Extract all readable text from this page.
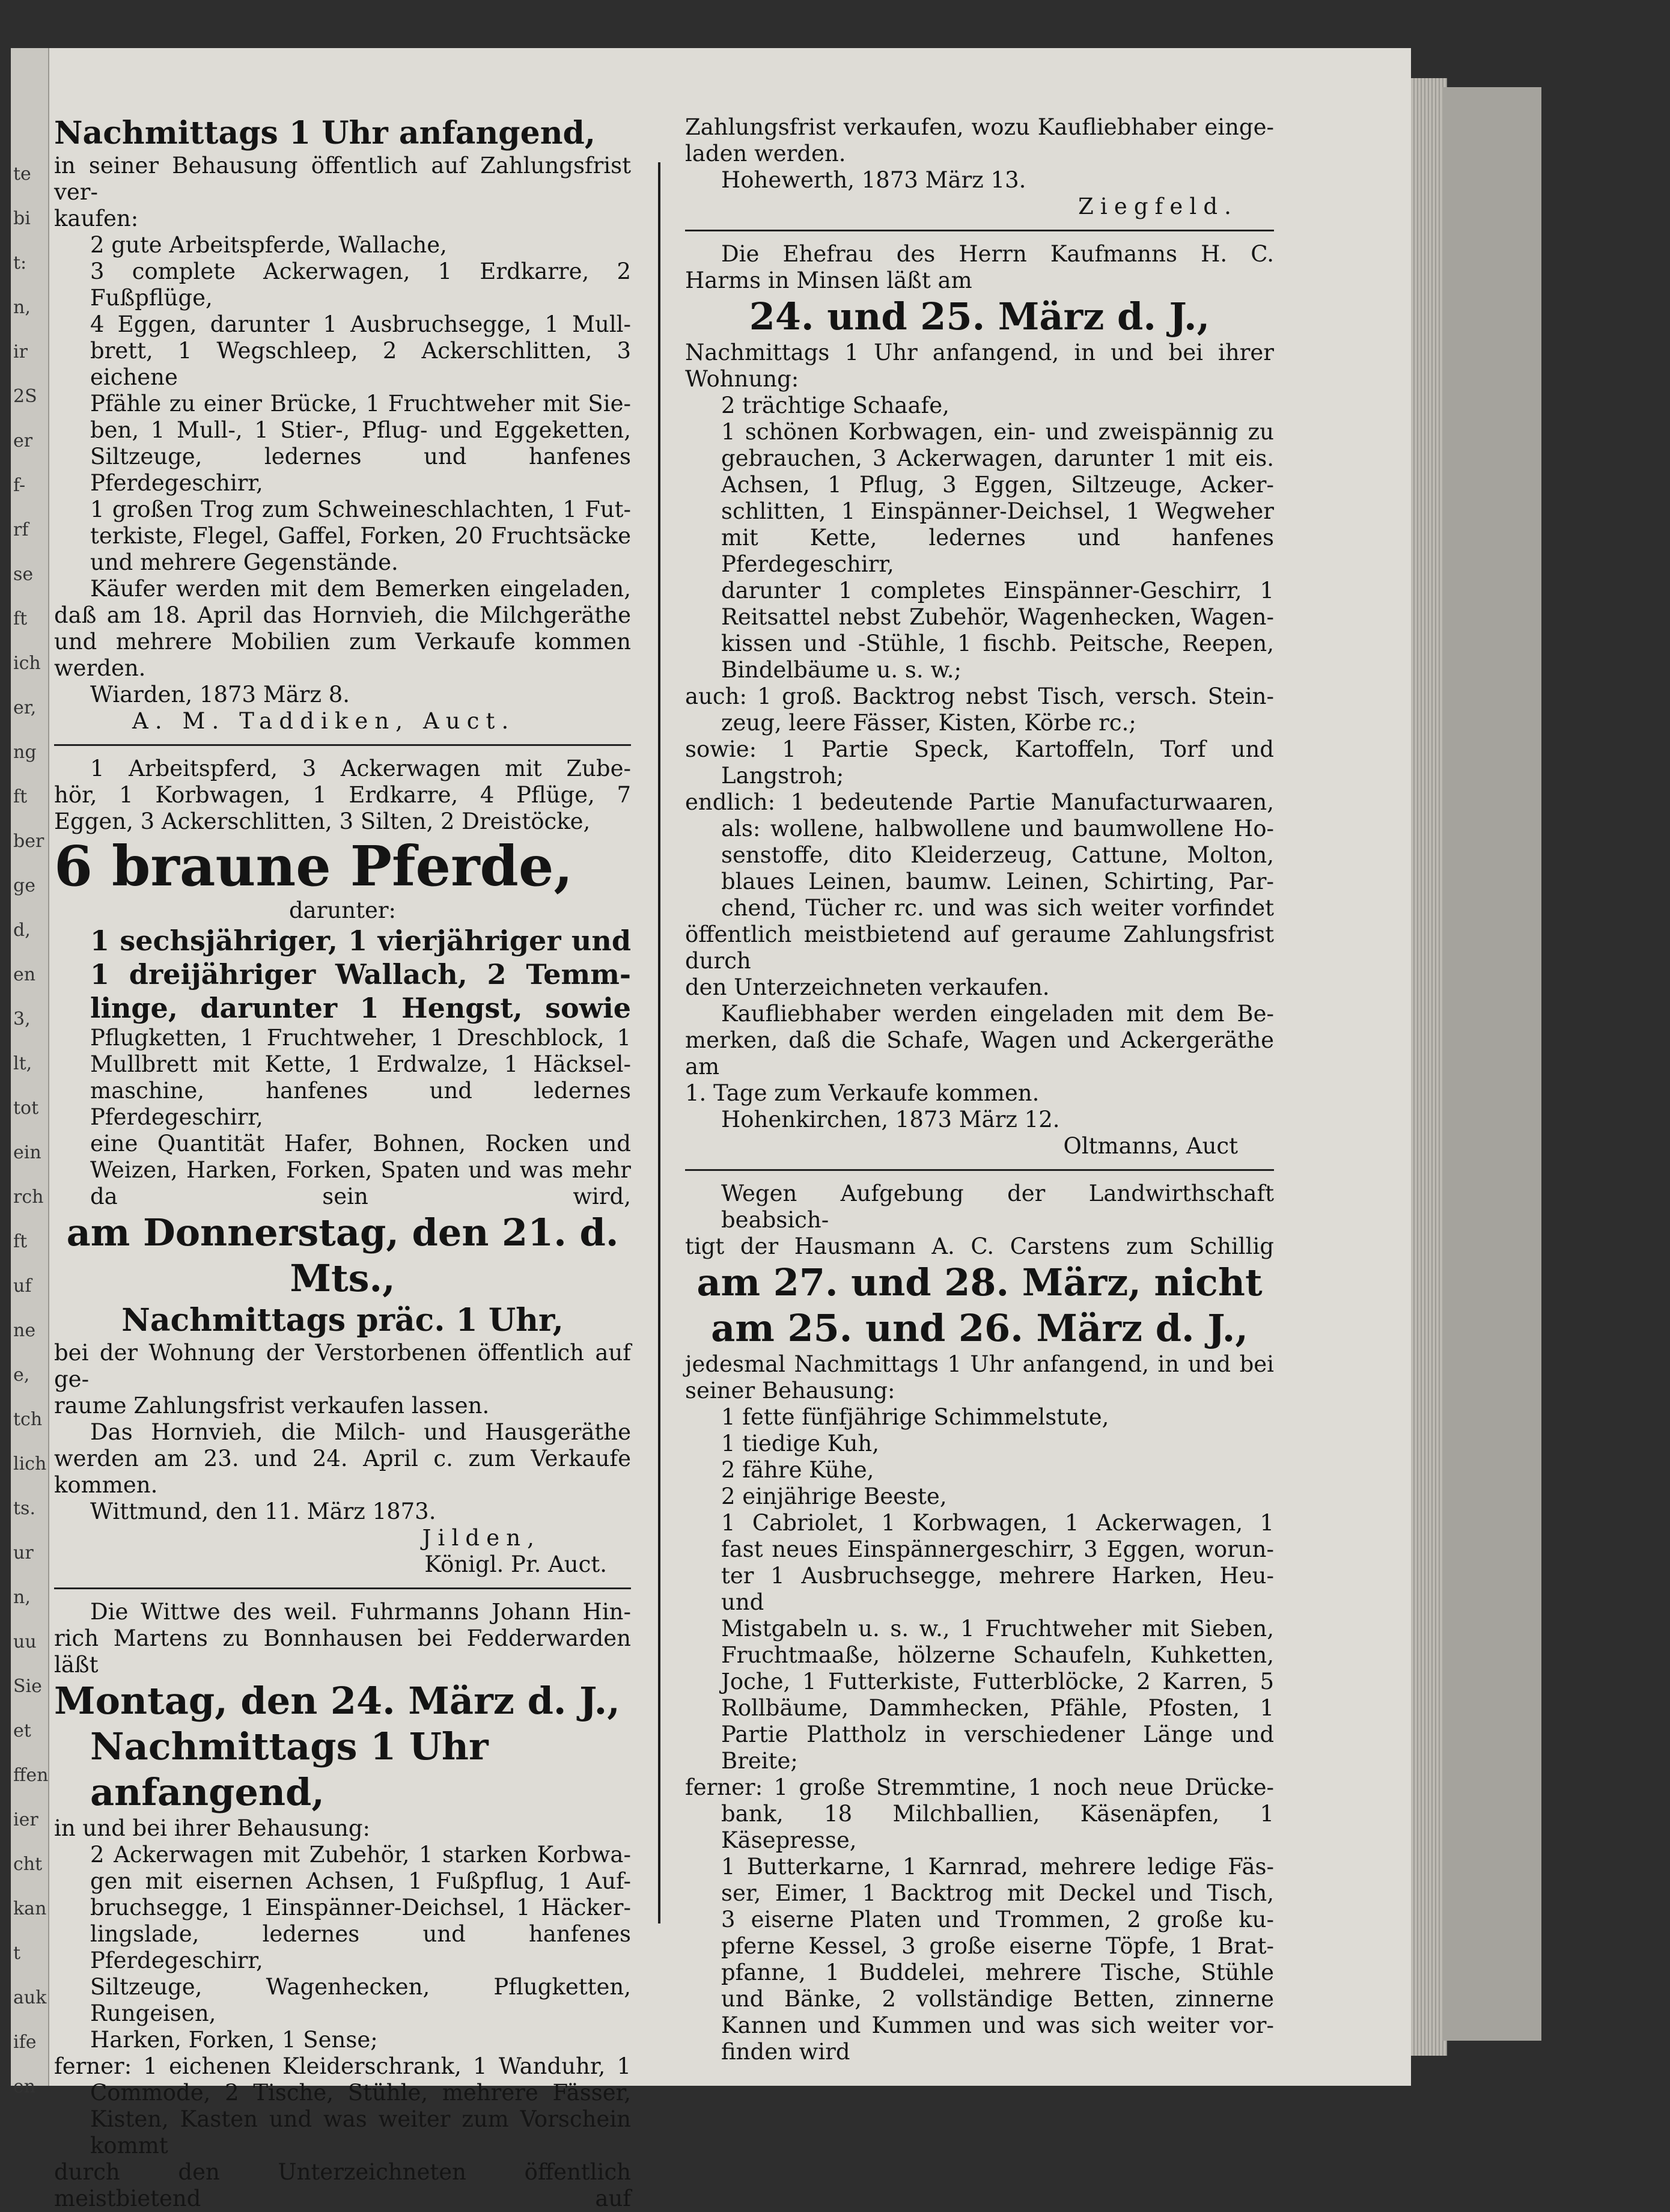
te
bi
t:
n,
ir
2S
er
f-
rf
se
ft
ich
er,
ng
ft
ber
ge
d,
en
3,
lt,
tot
ein
rch
ft
uf
ne
e,
tch
lich
ts.
ur
n,
uu
Sie
et
ffen
ier
cht
kan
t
auk
ife
en

Nachmittags 1 Uhr anfangend,

in seiner Behausung öffentlich auf Zahlungsfrist ver-

kaufen:

2 gute Arbeitspferde, Wallache,

3 complete Ackerwagen, 1 Erdkarre, 2 Fußpflüge,

4 Eggen, darunter 1 Ausbruchsegge, 1 Mull-

brett, 1 Wegschleep, 2 Ackerschlitten, 3 eichene

Pfähle zu einer Brücke, 1 Fruchtweher mit Sie-

ben, 1 Mull-, 1 Stier-, Pflug- und Eggeketten,

Siltzeuge, ledernes und hanfenes Pferdegeschirr,

1 großen Trog zum Schweineschlachten, 1 Fut-

terkiste, Flegel, Gaffel, Forken, 20 Fruchtsäcke

und mehrere Gegenstände.

Käufer werden mit dem Bemerken eingeladen,

daß am 18. April das Hornvieh, die Milchgeräthe

und mehrere Mobilien zum Verkaufe kommen werden.

Wiarden, 1873 März 8.

A. M. Taddiken, Auct.

1 Arbeitspferd, 3 Ackerwagen mit Zube-

hör, 1 Korbwagen, 1 Erdkarre, 4 Pflüge, 7

Eggen, 3 Ackerschlitten, 3 Silten, 2 Dreistöcke,

6 braune Pferde,

darunter:

1 sechsjähriger, 1 vierjähriger und

1 dreijähriger Wallach, 2 Temm-

linge, darunter 1 Hengst, sowie

Pflugketten, 1 Fruchtweher, 1 Dreschblock, 1

Mullbrett mit Kette, 1 Erdwalze, 1 Häcksel-

maschine, hanfenes und ledernes Pferdegeschirr,

eine Quantität Hafer, Bohnen, Rocken und

Weizen, Harken, Forken, Spaten und was mehr

da sein wird,

am Donnerstag, den 21. d. Mts.,

Nachmittags präc. 1 Uhr,

bei der Wohnung der Verstorbenen öffentlich auf ge-

raume Zahlungsfrist verkaufen lassen.

Das Hornvieh, die Milch- und Hausgeräthe

werden am 23. und 24. April c. zum Verkaufe

kommen.

Wittmund, den 11. März 1873.

Jilden,

Königl. Pr. Auct.

Die Wittwe des weil. Fuhrmanns Johann Hin-

rich Martens zu Bonnhausen bei Fedderwarden läßt

Montag, den 24. März d. J.,

Nachmittags 1 Uhr anfangend,

in und bei ihrer Behausung:

2 Ackerwagen mit Zubehör, 1 starken Korbwa-

gen mit eisernen Achsen, 1 Fußpflug, 1 Auf-

bruchsegge, 1 Einspänner-Deichsel, 1 Häcker-

lingslade, ledernes und hanfenes Pferdegeschirr,

Siltzeuge, Wagenhecken, Pflugketten, Rungeisen,

Harken, Forken, 1 Sense;

ferner: 1 eichenen Kleiderschrank, 1 Wanduhr, 1

Commode, 2 Tische, Stühle, mehrere Fässer,

Kisten, Kasten und was weiter zum Vorschein

kommt

durch den Unterzeichneten öffentlich meistbietend auf

Zahlungsfrist verkaufen, wozu Kaufliebhaber einge-

laden werden.

Hohewerth, 1873 März 13.

Ziegfeld.

Die Ehefrau des Herrn Kaufmanns H. C.

Harms in Minsen läßt am

24. und 25. März d. J.,

Nachmittags 1 Uhr anfangend, in und bei ihrer

Wohnung:

2 trächtige Schaafe,

1 schönen Korbwagen, ein- und zweispännig zu

gebrauchen, 3 Ackerwagen, darunter 1 mit eis.

Achsen, 1 Pflug, 3 Eggen, Siltzeuge, Acker-

schlitten, 1 Einspänner-Deichsel, 1 Wegweher

mit Kette, ledernes und hanfenes Pferdegeschirr,

darunter 1 completes Einspänner-Geschirr, 1

Reitsattel nebst Zubehör, Wagenhecken, Wagen-

kissen und -Stühle, 1 fischb. Peitsche, Reepen,

Bindelbäume u. s. w.;

auch: 1 groß. Backtrog nebst Tisch, versch. Stein-

zeug, leere Fässer, Kisten, Körbe rc.;

sowie: 1 Partie Speck, Kartoffeln, Torf und

Langstroh;

endlich: 1 bedeutende Partie Manufacturwaaren,

als: wollene, halbwollene und baumwollene Ho-

senstoffe, dito Kleiderzeug, Cattune, Molton,

blaues Leinen, baumw. Leinen, Schirting, Par-

chend, Tücher rc. und was sich weiter vorfindet

öffentlich meistbietend auf geraume Zahlungsfrist durch

den Unterzeichneten verkaufen.

Kaufliebhaber werden eingeladen mit dem Be-

merken, daß die Schafe, Wagen und Ackergeräthe am

1. Tage zum Verkaufe kommen.

Hohenkirchen, 1873 März 12.

Oltmanns, Auct

Wegen Aufgebung der Landwirthschaft beabsich-

tigt der Hausmann A. C. Carstens zum Schillig

am 27. und 28. März, nicht

am 25. und 26. März d. J.,

jedesmal Nachmittags 1 Uhr anfangend, in und bei

seiner Behausung:

1 fette fünfjährige Schimmelstute,

1 tiedige Kuh,

2 fähre Kühe,

2 einjährige Beeste,

1 Cabriolet, 1 Korbwagen, 1 Ackerwagen, 1

fast neues Einspännergeschirr, 3 Eggen, worun-

ter 1 Ausbruchsegge, mehrere Harken, Heu- und

Mistgabeln u. s. w., 1 Fruchtweher mit Sieben,

Fruchtmaaße, hölzerne Schaufeln, Kuhketten,

Joche, 1 Futterkiste, Futterblöcke, 2 Karren, 5

Rollbäume, Dammhecken, Pfähle, Pfosten, 1

Partie Plattholz in verschiedener Länge und

Breite;

ferner: 1 große Stremmtine, 1 noch neue Drücke-

bank, 18 Milchballien, Käsenäpfen, 1 Käsepresse,

1 Butterkarne, 1 Karnrad, mehrere ledige Fäs-

ser, Eimer, 1 Backtrog mit Deckel und Tisch,

3 eiserne Platen und Trommen, 2 große ku-

pferne Kessel, 3 große eiserne Töpfe, 1 Brat-

pfanne, 1 Buddelei, mehrere Tische, Stühle

und Bänke, 2 vollständige Betten, zinnerne

Kannen und Kummen und was sich weiter vor-

finden wird
